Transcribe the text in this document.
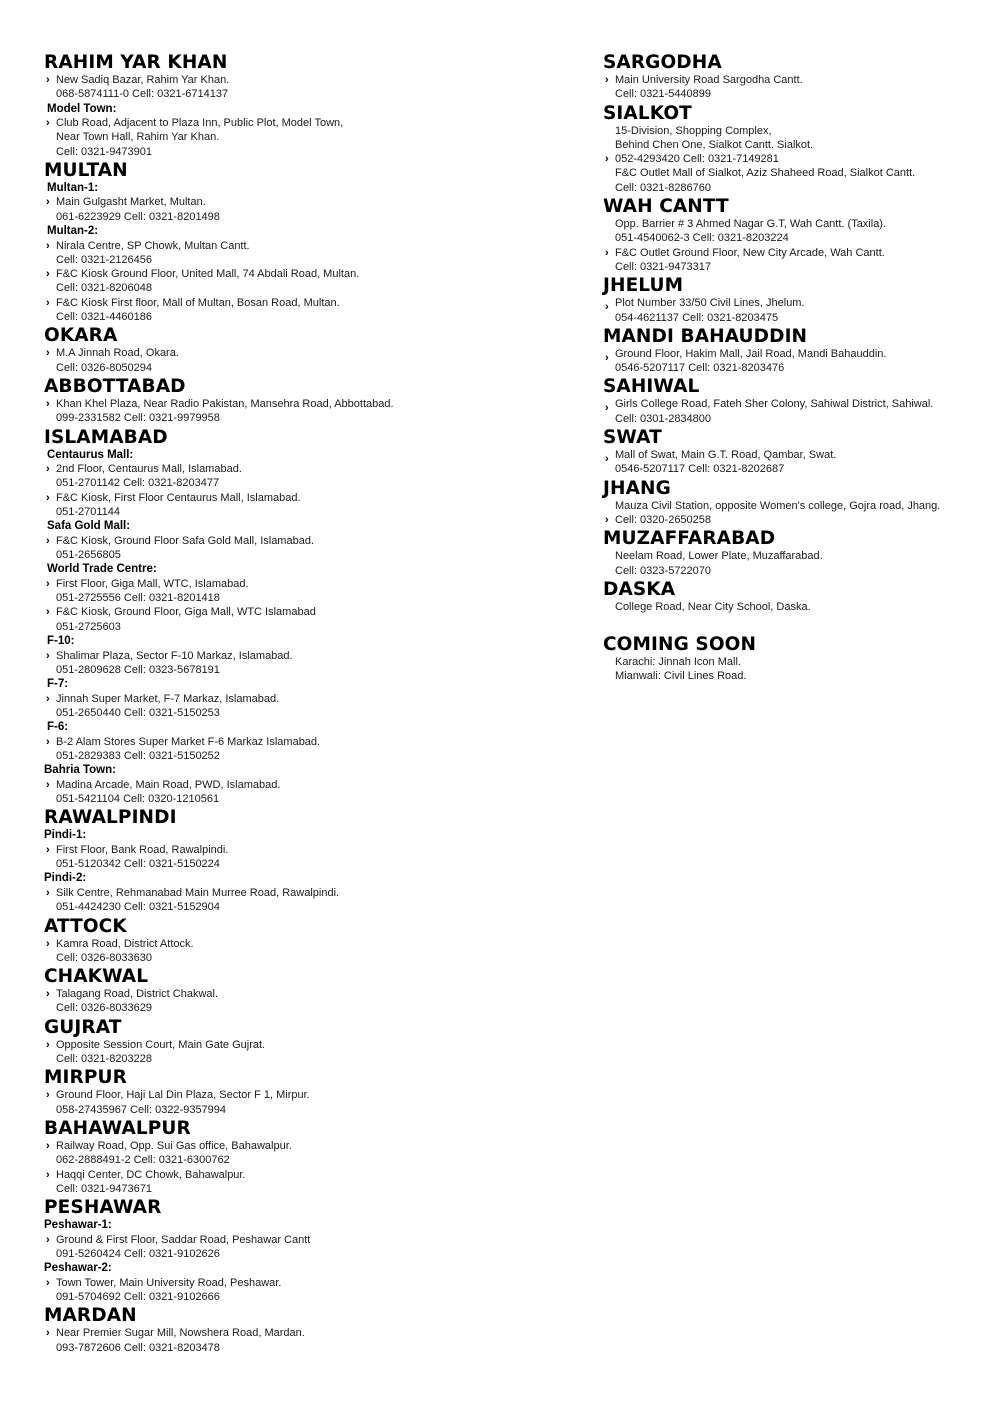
RAHIM YAR KHAN
› New Sadiq Bazar, Rahim Yar Khan.
068-5874111-0 Cell: 0321-6714137
Model Town:
› Club Road, Adjacent to Plaza Inn, Public Plot, Model Town,
Near Town Hall, Rahim Yar Khan.
Cell: 0321-9473901
MULTAN
Multan-1:
› Main Gulgasht Market, Multan.
061-6223929 Cell: 0321-8201498
Multan-2:
› Nirala Centre, SP Chowk, Multan Cantt.
Cell: 0321-2126456
› F&C Kiosk Ground Floor, United Mall, 74 Abdali Road, Multan.
Cell: 0321-8206048
› F&C Kiosk First floor, Mall of Multan, Bosan Road, Multan.
Cell: 0321-4460186
OKARA
› M.A Jinnah Road, Okara.
Cell: 0326-8050294
ABBOTTABAD
› Khan Khel Plaza, Near Radio Pakistan, Mansehra Road, Abbottabad.
099-2331582 Cell: 0321-9979958
ISLAMABAD
Centaurus Mall:
› 2nd Floor, Centaurus Mall, Islamabad.
051-2701142 Cell: 0321-8203477
› F&C Kiosk, First Floor Centaurus Mall, Islamabad.
051-2701144
Safa Gold Mall:
› F&C Kiosk, Ground Floor Safa Gold Mall, Islamabad.
051-2656805
World Trade Centre:
› First Floor, Giga Mall, WTC, Islamabad.
051-2725556 Cell: 0321-8201418
› F&C Kiosk, Ground Floor, Giga Mall, WTC Islamabad
051-2725603
F-10:
› Shalimar Plaza, Sector F-10 Markaz, Islamabad.
051-2809628 Cell: 0323-5678191
F-7:
› Jinnah Super Market, F-7 Markaz, Islamabad.
051-2650440 Cell: 0321-5150253
F-6:
› B-2 Alam Stores Super Market F-6 Markaz Islamabad.
051-2829383 Cell: 0321-5150252
Bahria Town:
› Madina Arcade, Main Road, PWD, Islamabad.
051-5421104 Cell: 0320-1210561
RAWALPINDI
Pindi-1:
› First Floor, Bank Road, Rawalpindi.
051-5120342 Cell: 0321-5150224
Pindi-2:
› Silk Centre, Rehmanabad Main Murree Road, Rawalpindi.
051-4424230 Cell: 0321-5152904
ATTOCK
› Kamra Road, District Attock.
Cell: 0326-8033630
CHAKWAL
› Talagang Road, District Chakwal.
Cell: 0326-8033629
GUJRAT
› Opposite Session Court, Main Gate Gujrat.
Cell: 0321-8203228
MIRPUR
› Ground Floor, Haji Lal Din Plaza, Sector F 1, Mirpur.
058-27435967 Cell: 0322-9357994
BAHAWALPUR
› Railway Road, Opp. Sui Gas office, Bahawalpur.
062-2888491-2 Cell: 0321-6300762
› Haqqi Center, DC Chowk, Bahawalpur.
Cell: 0321-9473671
PESHAWAR
Peshawar-1:
› Ground & First Floor, Saddar Road, Peshawar Cantt
091-5260424 Cell: 0321-9102626
Peshawar-2:
› Town Tower, Main University Road, Peshawar.
091-5704692 Cell: 0321-9102666
MARDAN
› Near Premier Sugar Mill, Nowshera Road, Mardan.
093-7872606 Cell: 0321-8203478
SARGODHA
› Main University Road Sargodha Cantt.
Cell: 0321-5440899
SIALKOT
15-Division, Shopping Complex,
Behind Chen One, Sialkot Cantt. Sialkot.
› 052-4293420 Cell: 0321-7149281
F&C Outlet Mall of Sialkot, Aziz Shaheed Road, Sialkot Cantt.
Cell: 0321-8286760
WAH CANTT
Opp. Barrier # 3 Ahmed Nagar G.T, Wah Cantt. (Taxila).
051-4540062-3 Cell: 0321-8203224
› F&C Outlet Ground Floor, New City Arcade, Wah Cantt.
Cell: 0321-9473317
JHELUM
› Plot Number 33/50 Civil Lines, Jhelum.
054-4621137 Cell: 0321-8203475
MANDI BAHAUDDIN
› Ground Floor, Hakim Mall, Jail Road, Mandi Bahauddin.
0546-5207117 Cell: 0321-8203476
SAHIWAL
› Girls College Road, Fateh Sher Colony, Sahiwal District, Sahiwal.
Cell: 0301-2834800
SWAT
› Mall of Swat, Main G.T. Road, Qambar, Swat.
0546-5207117 Cell: 0321-8202687
JHANG
Mauza Civil Station, opposite Women's college, Gojra road, Jhang.
› Cell: 0320-2650258
MUZAFFARABAD
Neelam Road, Lower Plate, Muzaffarabad.
Cell: 0323-5722070
DASKA
College Road, Near City School, Daska.
COMING SOON
Karachi: Jinnah Icon Mall.
Mianwali: Civil Lines Road.
